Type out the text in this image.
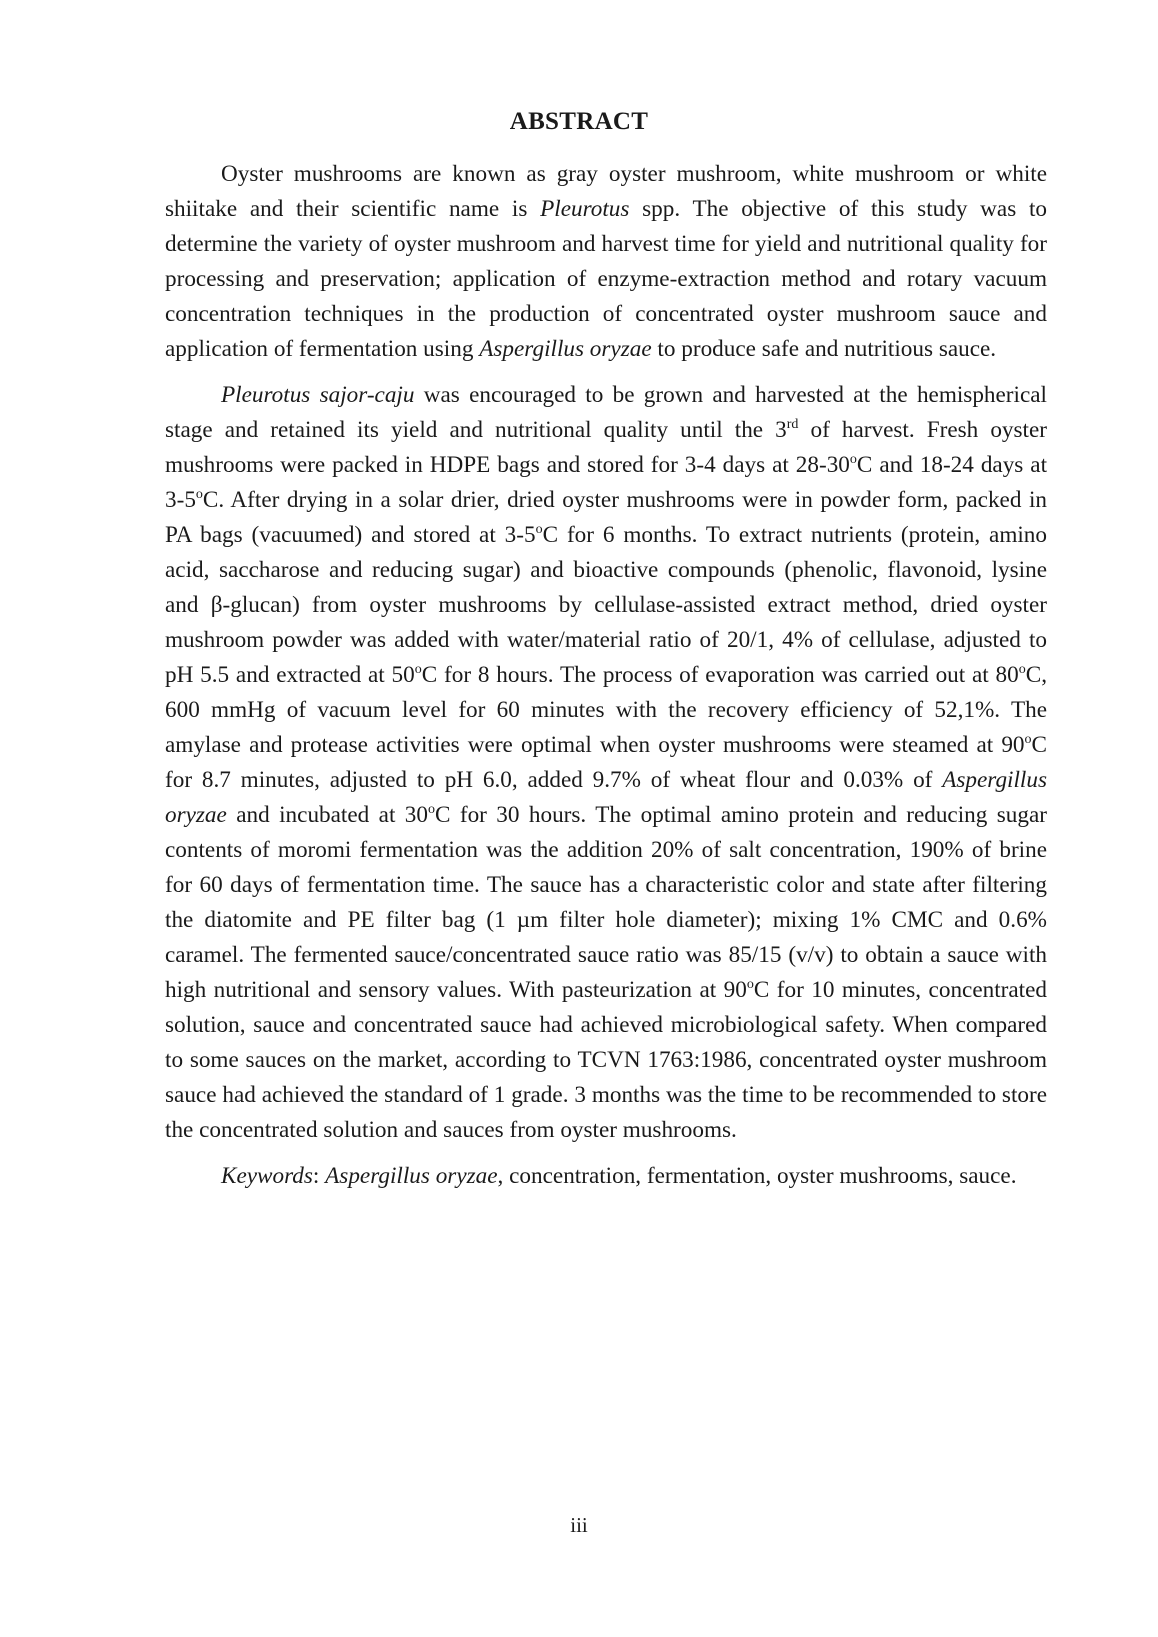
ABSTRACT

Oyster mushrooms are known as gray oyster mushroom, white mushroom or white shiitake and their scientific name is Pleurotus spp. The objective of this study was to determine the variety of oyster mushroom and harvest time for yield and nutritional quality for processing and preservation; application of enzyme-extraction method and rotary vacuum concentration techniques in the production of concentrated oyster mushroom sauce and application of fermentation using Aspergillus oryzae to produce safe and nutritious sauce.

Pleurotus sajor-caju was encouraged to be grown and harvested at the hemispherical stage and retained its yield and nutritional quality until the 3rd of harvest. Fresh oyster mushrooms were packed in HDPE bags and stored for 3-4 days at 28-30$^o$C and 18-24 days at 3-5$^o$C. After drying in a solar drier, dried oyster mushrooms were in powder form, packed in PA bags (vacuumed) and stored at 3-5$^o$C for 6 months. To extract nutrients (protein, amino acid, saccharose and reducing sugar) and bioactive compounds (phenolic, flavonoid, lysine and β-glucan) from oyster mushrooms by cellulase-assisted extract method, dried oyster mushroom powder was added with water/material ratio of 20/1, 4% of cellulase, adjusted to pH 5.5 and extracted at 50$^o$C for 8 hours. The process of evaporation was carried out at 80$^o$C, 600 mmHg of vacuum level for 60 minutes with the recovery efficiency of 52,1%. The amylase and protease activities were optimal when oyster mushrooms were steamed at 90$^o$C for 8.7 minutes, adjusted to pH 6.0, added 9.7% of wheat flour and 0.03% of Aspergillus oryzae and incubated at 30$^o$C for 30 hours. The optimal amino protein and reducing sugar contents of moromi fermentation was the addition 20% of salt concentration, 190% of brine for 60 days of fermentation time. The sauce has a characteristic color and state after filtering the diatomite and PE filter bag (1 µm filter hole diameter); mixing 1% CMC and 0.6% caramel. The fermented sauce/concentrated sauce ratio was 85/15 (v/v) to obtain a sauce with high nutritional and sensory values. With pasteurization at 90$^o$C for 10 minutes, concentrated solution, sauce and concentrated sauce had achieved microbiological safety. When compared to some sauces on the market, according to TCVN 1763:1986, concentrated oyster mushroom sauce had achieved the standard of 1 grade. 3 months was the time to be recommended to store the concentrated solution and sauces from oyster mushrooms.

Keywords: Aspergillus oryzae, concentration, fermentation, oyster mushrooms, sauce.

iii
